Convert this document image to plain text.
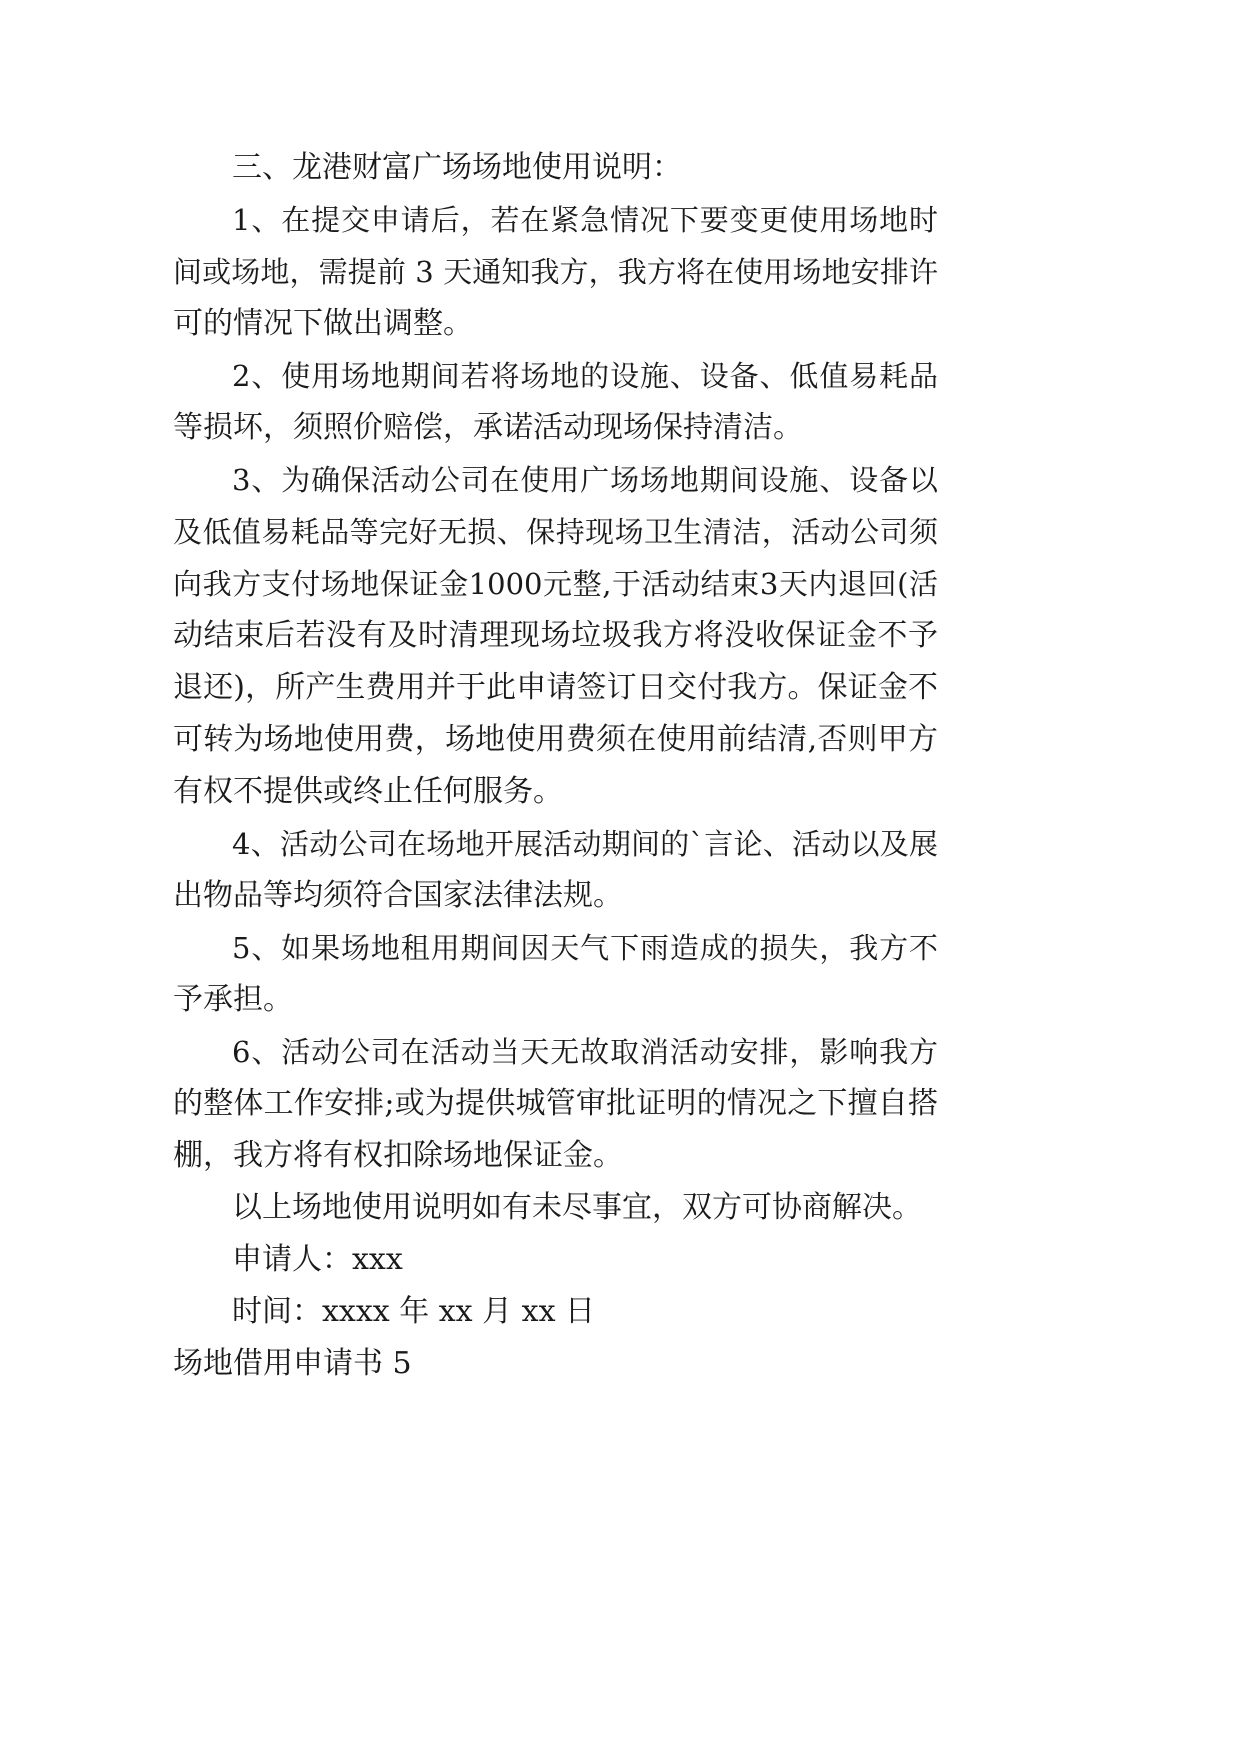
三、龙港财富广场场地使用说明：
1、在提交申请后，若在紧急情况下要变更使用场地时
间或场地，需提前 3 天通知我方，我方将在使用场地安排许
可的情况下做出调整。
2、使用场地期间若将场地的设施、设备、低值易耗品
等损坏，须照价赔偿，承诺活动现场保持清洁。
3、为确保活动公司在使用广场场地期间设施、设备以
及低值易耗品等完好无损、保持现场卫生清洁，活动公司须
向我方支付场地保证金1000元整,于活动结束3天内退回(活
动结束后若没有及时清理现场垃圾我方将没收保证金不予
退还)，所产生费用并于此申请签订日交付我方。保证金不
可转为场地使用费，场地使用费须在使用前结清,否则甲方
有权不提供或终止任何服务。
4、活动公司在场地开展活动期间的`言论、活动以及展
出物品等均须符合国家法律法规。
5、如果场地租用期间因天气下雨造成的损失，我方不
予承担。
6、活动公司在活动当天无故取消活动安排，影响我方
的整体工作安排;或为提供城管审批证明的情况之下擅自搭
棚，我方将有权扣除场地保证金。
以上场地使用说明如有未尽事宜，双方可协商解决。
申请人：xxx
时间：xxxx 年 xx 月 xx 日
场地借用申请书 5
